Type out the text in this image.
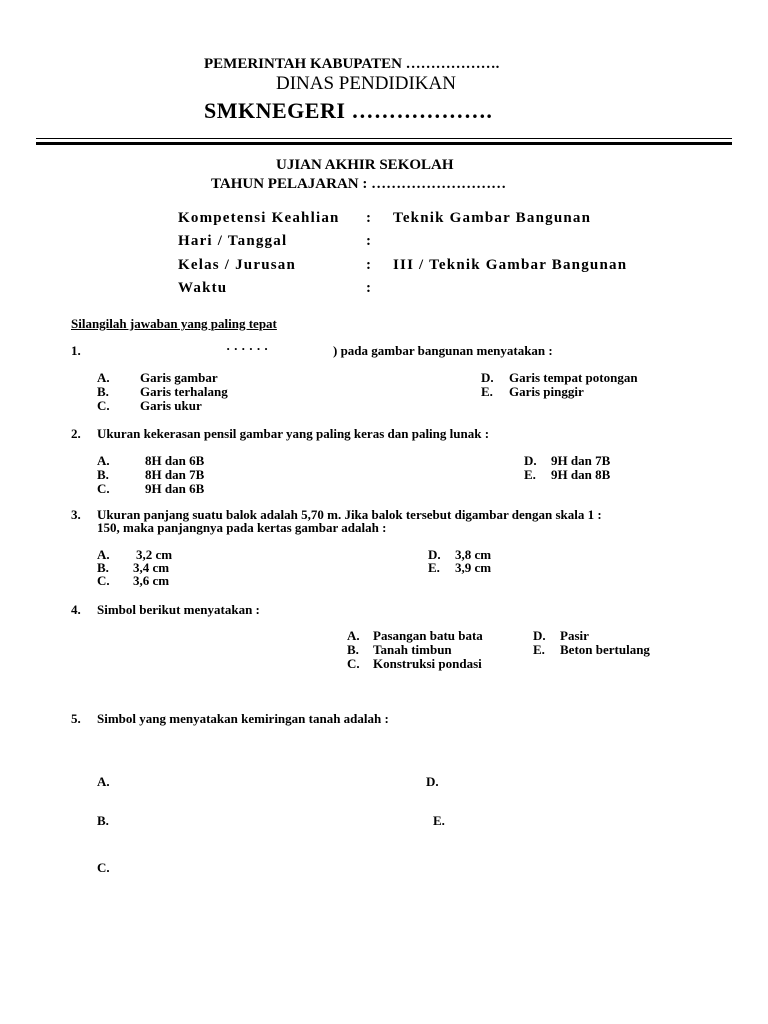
PEMERINTAH KABUPATEN ……………….
DINAS PENDIDIKAN
SMKNEGERI ……………….
UJIAN AKHIR SEKOLAH
TAHUN PELAJARAN : ………………………
Kompetensi Keahlian : Teknik Gambar Bangunan
Hari / Tanggal	:
Kelas / Jurusan	: III / Teknik Gambar Bangunan
Waktu	:
Silangilah jawaban yang paling tepat
1.	· · · · · ·	) pada gambar bangunan menyatakan :
A. Garis gambar
B. Garis terhalang
C. Garis ukur
D. Garis tempat potongan
E. Garis pinggir
2. Ukuran kekerasan pensil gambar yang paling keras dan paling lunak :
A.	8H dan 6B
B.	8H dan 7B
C.	9H dan 6B
D. 9H dan 7B
E. 9H dan 8B
3. Ukuran panjang suatu balok adalah 5,70 m. Jika balok tersebut digambar dengan skala 1 :
150, maka panjangnya pada kertas gambar adalah :
A. 3,2 cm
B. 3,4 cm
C. 3,6 cm
D. 3,8 cm
E. 3,9 cm
4. Simbol berikut menyatakan :
A. Pasangan batu bata
B. Tanah timbun
C. Konstruksi pondasi
D. Pasir
E. Beton bertulang
5. Simbol yang menyatakan kemiringan tanah adalah :
A.
B.
C.
D.
E.
